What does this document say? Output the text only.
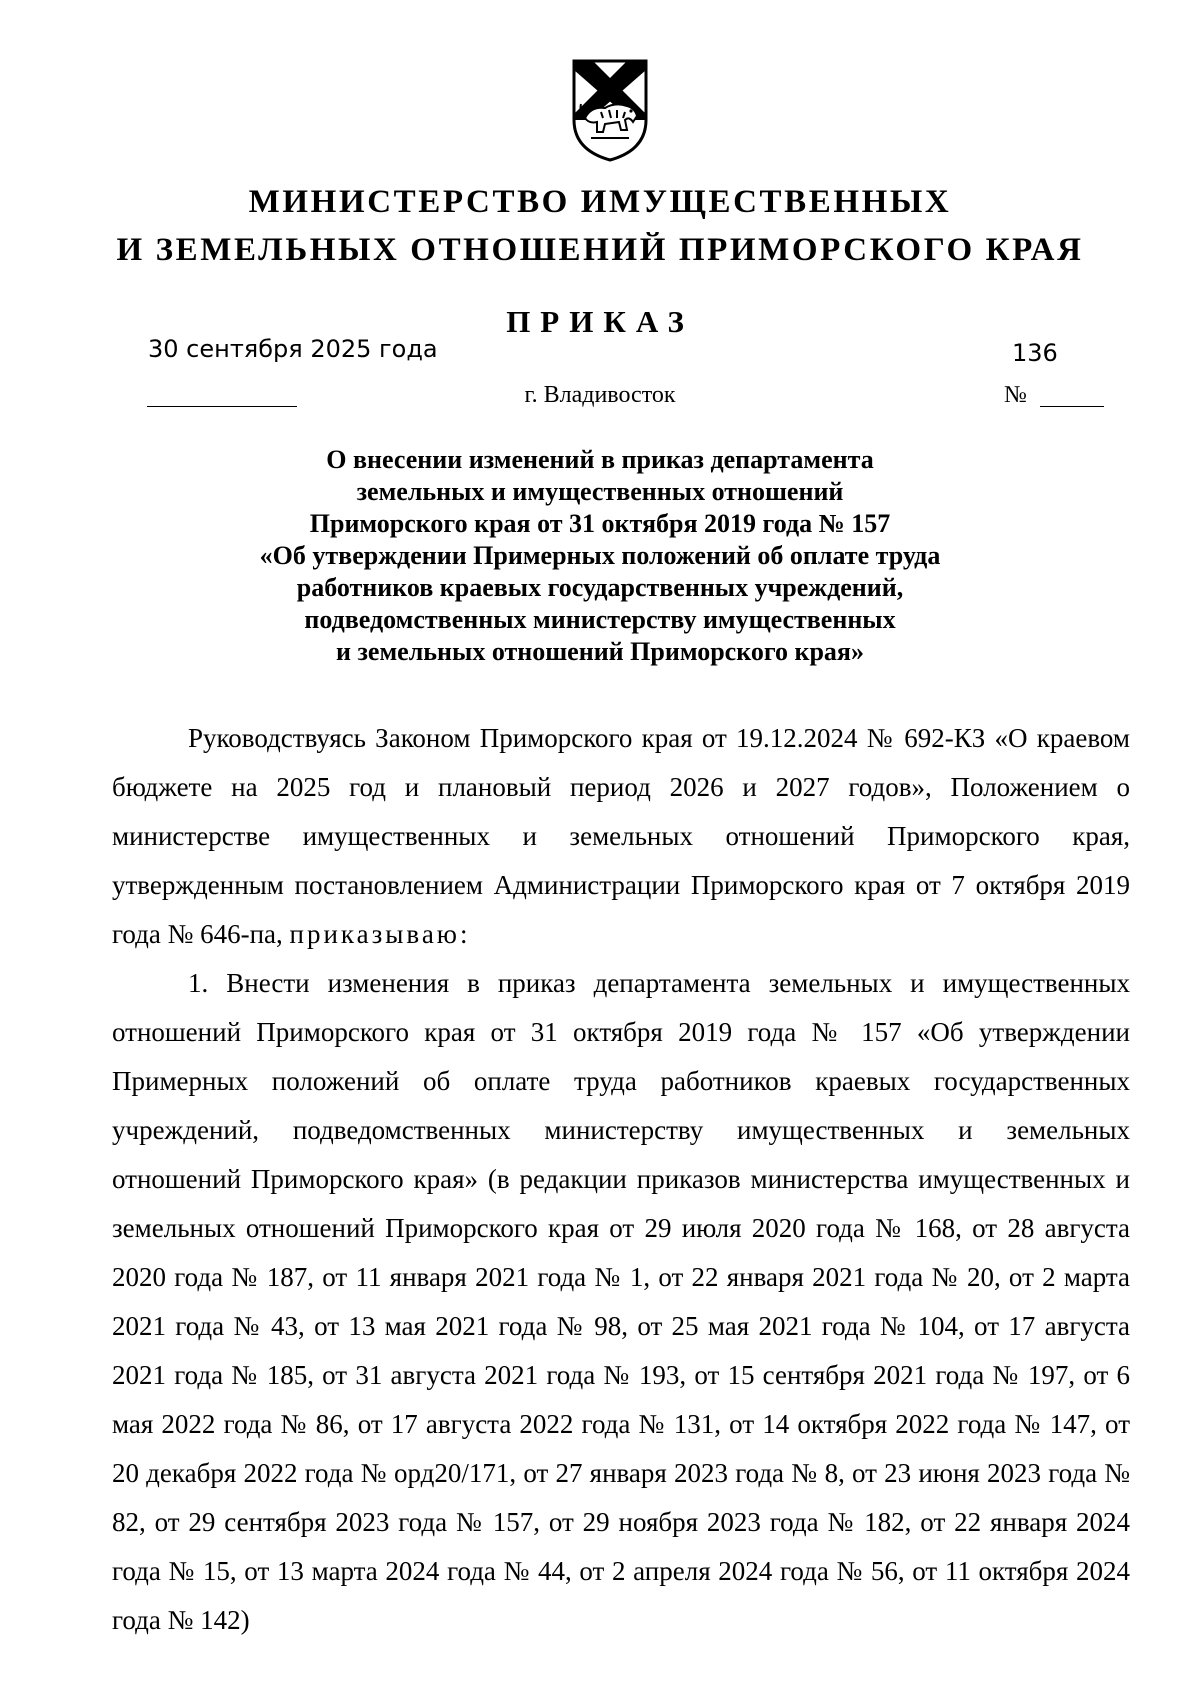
МИНИСТЕРСТВО ИМУЩЕСТВЕННЫХ
И ЗЕМЕЛЬНЫХ ОТНОШЕНИЙ ПРИМОРСКОГО КРАЯ
ПРИКАЗ
30 сентября 2025 года	136
г. Владивосток	№
О внесении изменений в приказ департамента
земельных и имущественных отношений
Приморского края от 31 октября 2019 года № 157
«Об утверждении Примерных положений об оплате труда
работников краевых государственных учреждений,
подведомственных министерству имущественных
и земельных отношений Приморского края»

Руководствуясь Законом Приморского края от 19.12.2024 № 692-КЗ «О краевом бюджете на 2025 год и плановый период 2026 и 2027 годов», Положением о министерстве имущественных и земельных отношений Приморского края, утвержденным постановлением Администрации Приморского края от 7 октября 2019 года № 646-па, приказываю:

1. Внести изменения в приказ департамента земельных и имущественных отношений Приморского края от 31 октября 2019 года № 157 «Об утверждении Примерных положений об оплате труда работников краевых государственных учреждений, подведомственных министерству имущественных и земельных отношений Приморского края» (в редакции приказов министерства имущественных и земельных отношений Приморского края от 29 июля 2020 года № 168, от 28 августа 2020 года № 187, от 11 января 2021 года № 1, от 22 января 2021 года № 20, от 2 марта 2021 года № 43, от 13 мая 2021 года № 98, от 25 мая 2021 года № 104, от 17 августа 2021 года № 185, от 31 августа 2021 года № 193, от 15 сентября 2021 года № 197, от 6 мая 2022 года № 86, от 17 августа 2022 года № 131, от 14 октября 2022 года № 147, от 20 декабря 2022 года № орд20/171, от 27 января 2023 года № 8, от 23 июня 2023 года № 82, от 29 сентября 2023 года № 157, от 29 ноября 2023 года № 182, от 22 января 2024 года № 15, от 13 марта 2024 года № 44, от 2 апреля 2024 года № 56, от 11 октября 2024 года № 142)
